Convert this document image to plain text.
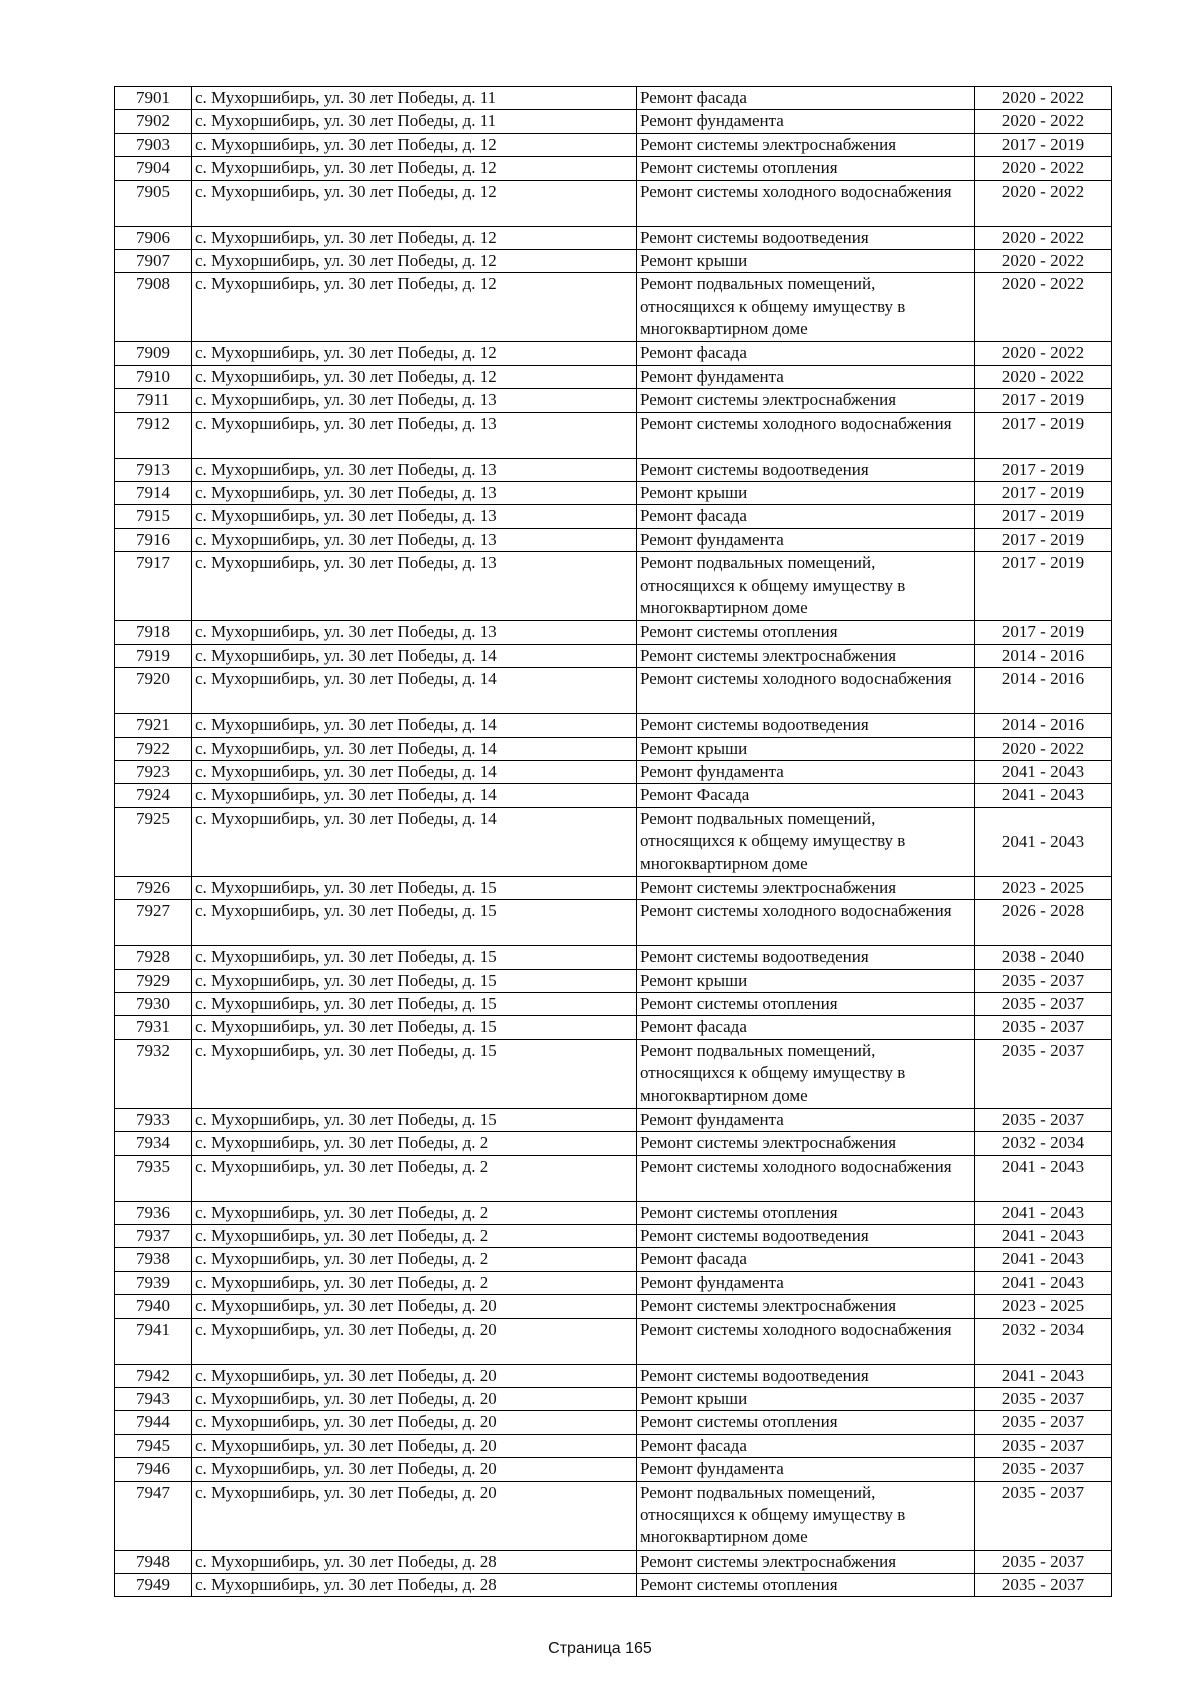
7901	с. Мухоршибирь, ул. 30 лет Победы, д. 11	Ремонт фасада	2020 - 2022
7902	с. Мухоршибирь, ул. 30 лет Победы, д. 11	Ремонт фундамента	2020 - 2022
7903	с. Мухоршибирь, ул. 30 лет Победы, д. 12	Ремонт системы электроснабжения	2017 - 2019
7904	с. Мухоршибирь, ул. 30 лет Победы, д. 12	Ремонт системы отопления	2020 - 2022
7905	с. Мухоршибирь, ул. 30 лет Победы, д. 12	Ремонт системы холодного водоснабжения	2020 - 2022
7906	с. Мухоршибирь, ул. 30 лет Победы, д. 12	Ремонт системы водоотведения	2020 - 2022
7907	с. Мухоршибирь, ул. 30 лет Победы, д. 12	Ремонт крыши	2020 - 2022
7908	с. Мухоршибирь, ул. 30 лет Победы, д. 12	Ремонт подвальных помещений, относящихся к общему имуществу в многоквартирном доме	2020 - 2022
7909	с. Мухоршибирь, ул. 30 лет Победы, д. 12	Ремонт фасада	2020 - 2022
7910	с. Мухоршибирь, ул. 30 лет Победы, д. 12	Ремонт фундамента	2020 - 2022
7911	с. Мухоршибирь, ул. 30 лет Победы, д. 13	Ремонт системы электроснабжения	2017 - 2019
7912	с. Мухоршибирь, ул. 30 лет Победы, д. 13	Ремонт системы холодного водоснабжения	2017 - 2019
7913	с. Мухоршибирь, ул. 30 лет Победы, д. 13	Ремонт системы водоотведения	2017 - 2019
7914	с. Мухоршибирь, ул. 30 лет Победы, д. 13	Ремонт крыши	2017 - 2019
7915	с. Мухоршибирь, ул. 30 лет Победы, д. 13	Ремонт фасада	2017 - 2019
7916	с. Мухоршибирь, ул. 30 лет Победы, д. 13	Ремонт фундамента	2017 - 2019
7917	с. Мухоршибирь, ул. 30 лет Победы, д. 13	Ремонт подвальных помещений, относящихся к общему имуществу в многоквартирном доме	2017 - 2019
7918	с. Мухоршибирь, ул. 30 лет Победы, д. 13	Ремонт системы отопления	2017 - 2019
7919	с. Мухоршибирь, ул. 30 лет Победы, д. 14	Ремонт системы электроснабжения	2014 - 2016
7920	с. Мухоршибирь, ул. 30 лет Победы, д. 14	Ремонт системы холодного водоснабжения	2014 - 2016
7921	с. Мухоршибирь, ул. 30 лет Победы, д. 14	Ремонт системы водоотведения	2014 - 2016
7922	с. Мухоршибирь, ул. 30 лет Победы, д. 14	Ремонт крыши	2020 - 2022
7923	с. Мухоршибирь, ул. 30 лет Победы, д. 14	Ремонт фундамента	2041 - 2043
7924	с. Мухоршибирь, ул. 30 лет Победы, д. 14	Ремонт Фасада	2041 - 2043
7925	с. Мухоршибирь, ул. 30 лет Победы, д. 14	Ремонт подвальных помещений, относящихся к общему имуществу в многоквартирном доме	2041 - 2043
7926	с. Мухоршибирь, ул. 30 лет Победы, д. 15	Ремонт системы электроснабжения	2023 - 2025
7927	с. Мухоршибирь, ул. 30 лет Победы, д. 15	Ремонт системы холодного водоснабжения	2026 - 2028
7928	с. Мухоршибирь, ул. 30 лет Победы, д. 15	Ремонт системы водоотведения	2038 - 2040
7929	с. Мухоршибирь, ул. 30 лет Победы, д. 15	Ремонт крыши	2035 - 2037
7930	с. Мухоршибирь, ул. 30 лет Победы, д. 15	Ремонт системы отопления	2035 - 2037
7931	с. Мухоршибирь, ул. 30 лет Победы, д. 15	Ремонт фасада	2035 - 2037
7932	с. Мухоршибирь, ул. 30 лет Победы, д. 15	Ремонт подвальных помещений, относящихся к общему имуществу в многоквартирном доме	2035 - 2037
7933	с. Мухоршибирь, ул. 30 лет Победы, д. 15	Ремонт фундамента	2035 - 2037
7934	с. Мухоршибирь, ул. 30 лет Победы, д. 2	Ремонт системы электроснабжения	2032 - 2034
7935	с. Мухоршибирь, ул. 30 лет Победы, д. 2	Ремонт системы холодного водоснабжения	2041 - 2043
7936	с. Мухоршибирь, ул. 30 лет Победы, д. 2	Ремонт системы отопления	2041 - 2043
7937	с. Мухоршибирь, ул. 30 лет Победы, д. 2	Ремонт системы водоотведения	2041 - 2043
7938	с. Мухоршибирь, ул. 30 лет Победы, д. 2	Ремонт фасада	2041 - 2043
7939	с. Мухоршибирь, ул. 30 лет Победы, д. 2	Ремонт фундамента	2041 - 2043
7940	с. Мухоршибирь, ул. 30 лет Победы, д. 20	Ремонт системы электроснабжения	2023 - 2025
7941	с. Мухоршибирь, ул. 30 лет Победы, д. 20	Ремонт системы холодного водоснабжения	2032 - 2034
7942	с. Мухоршибирь, ул. 30 лет Победы, д. 20	Ремонт системы водоотведения	2041 - 2043
7943	с. Мухоршибирь, ул. 30 лет Победы, д. 20	Ремонт крыши	2035 - 2037
7944	с. Мухоршибирь, ул. 30 лет Победы, д. 20	Ремонт системы отопления	2035 - 2037
7945	с. Мухоршибирь, ул. 30 лет Победы, д. 20	Ремонт фасада	2035 - 2037
7946	с. Мухоршибирь, ул. 30 лет Победы, д. 20	Ремонт фундамента	2035 - 2037
7947	с. Мухоршибирь, ул. 30 лет Победы, д. 20	Ремонт подвальных помещений, относящихся к общему имуществу в многоквартирном доме	2035 - 2037
7948	с. Мухоршибирь, ул. 30 лет Победы, д. 28	Ремонт системы электроснабжения	2035 - 2037
7949	с. Мухоршибирь, ул. 30 лет Победы, д. 28	Ремонт системы отопления	2035 - 2037
Страница 165
